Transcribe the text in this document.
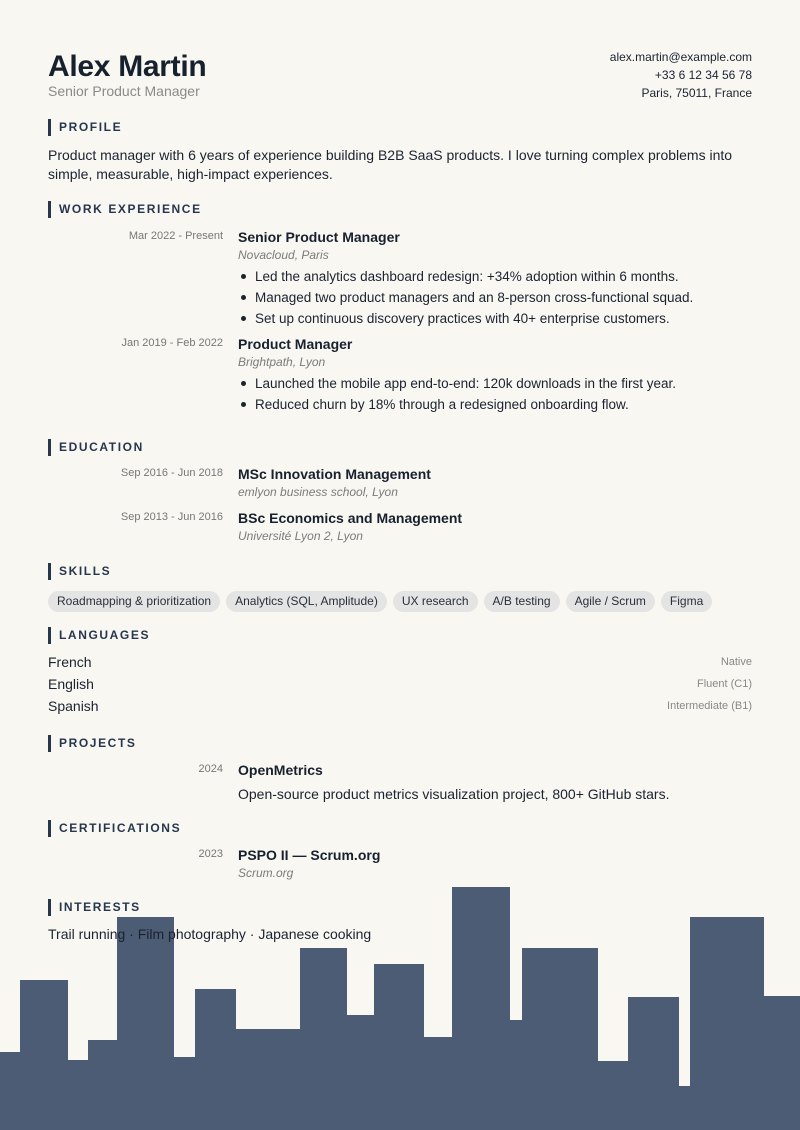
Alex Martin
Senior Product Manager
alex.martin@example.com
+33 6 12 34 56 78
Paris, 75011, France
PROFILE
Product manager with 6 years of experience building B2B SaaS products. I love turning complex problems into simple, measurable, high-impact experiences.
WORK EXPERIENCE
Mar 2022 - Present Senior Product Manager
Novacloud, Paris
Led the analytics dashboard redesign: +34% adoption within 6 months.
Managed two product managers and an 8-person cross-functional squad.
Set up continuous discovery practices with 40+ enterprise customers.
Jan 2019 - Feb 2022 Product Manager
Brightpath, Lyon
Launched the mobile app end-to-end: 120k downloads in the first year.
Reduced churn by 18% through a redesigned onboarding flow.
EDUCATION
Sep 2016 - Jun 2018 MSc Innovation Management
emlyon business school, Lyon
Sep 2013 - Jun 2016 BSc Economics and Management
Université Lyon 2, Lyon
SKILLS
Roadmapping & prioritization	Analytics (SQL, Amplitude)	UX research	A/B testing	Agile / Scrum	Figma
LANGUAGES
French	Native
English	Fluent (C1)
Spanish	Intermediate (B1)
PROJECTS
2024 OpenMetrics
Open-source product metrics visualization project, 800+ GitHub stars.
CERTIFICATIONS
2023 PSPO II — Scrum.org
Scrum.org
INTERESTS
Trail running · Film photography · Japanese cooking
